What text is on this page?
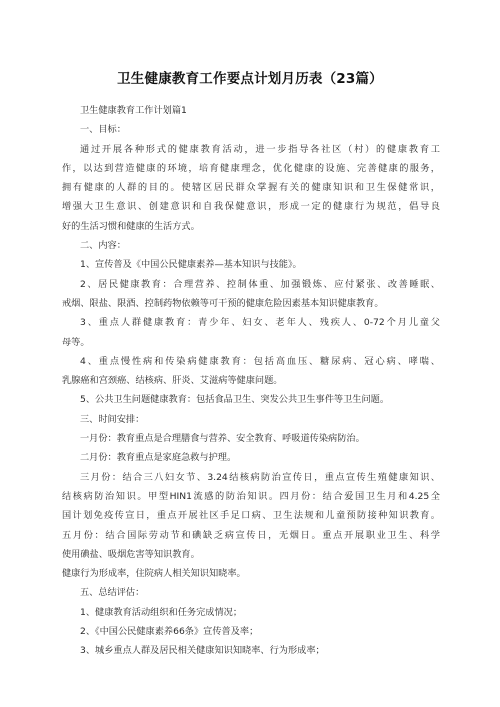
卫生健康教育工作要点计划月历表（23篇）
卫生健康教育工作计划篇1
一、目标：
通过开展各种形式的健康教育活动，进一步指导各社区（村）的健康教育工
作，以达到营造健康的环境，培育健康理念，优化健康的设施、完善健康的服务，
拥有健康的人群的目的。使辖区居民群众掌握有关的健康知识和卫生保健常识，
增强大卫生意识、创建意识和自我保健意识，形成一定的健康行为规范，倡导良
好的生活习惯和健康的生活方式。
二、内容：
1、宣传普及《中国公民健康素养—基本知识与技能》。
2、居民健康教育：合理营养、控制体重、加强锻炼、应付紧张、改善睡眠、
戒烟、限盐、限酒、控制药物依赖等可干预的健康危险因素基本知识健康教育。
3、重点人群健康教育：青少年、妇女、老年人、残疾人、0-72个月儿童父
母等。
4、重点慢性病和传染病健康教育：包括高血压、糖尿病、冠心病、哮喘、
乳腺癌和宫颈癌、结核病、肝炎、艾滋病等健康问题。
5、公共卫生问题健康教育：包括食品卫生、突发公共卫生事件等卫生问题。
三、时间安排：
一月份：教育重点是合理膳食与营养、安全教育、呼吸道传染病防治。
二月份：教育重点是家庭急救与护理。
三月份：结合三八妇女节、3.24结核病防治宣传日，重点宣传生殖健康知识、
结核病防治知识。甲型HIN1流感的防治知识。四月份：结合爱国卫生月和4.25全
国计划免疫传宣日，重点开展社区手足口病、卫生法规和儿童预防接种知识教育。
五月份：结合国际劳动节和碘缺乏病宣传日，无烟日。重点开展职业卫生、科学
使用碘盐、吸烟危害等知识教育。
健康行为形成率，住院病人相关知识知晓率。
五、总结评估：
1、健康教育活动组织和任务完成情况；
2、《中国公民健康素养66条》宣传普及率；
3、城乡重点人群及居民相关健康知识知晓率、行为形成率；
